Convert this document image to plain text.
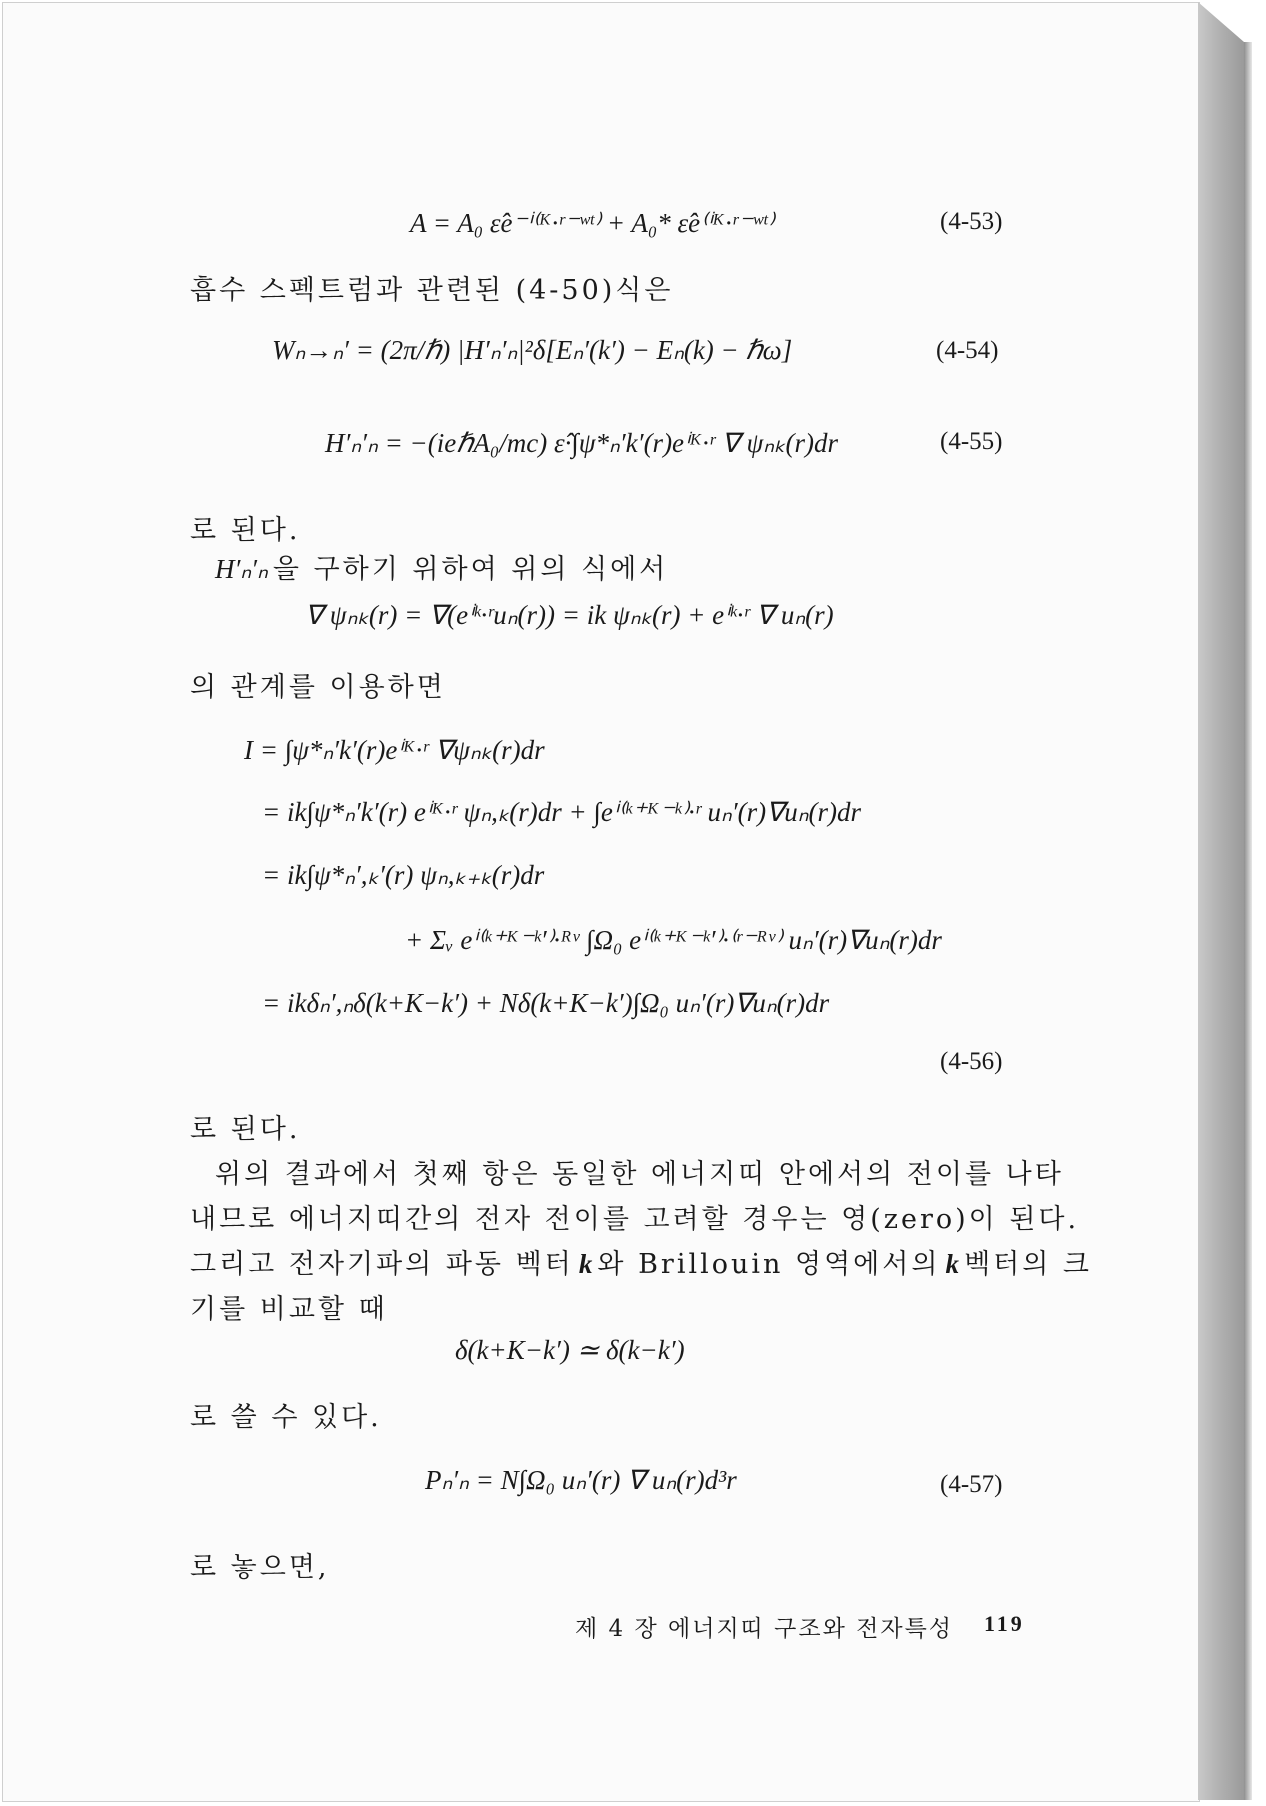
A = A₀ ε̂e⁻ⁱ⁽ᴷ·ʳ⁻ʷᵗ⁾ + A₀* ε̂e⁽ⁱᴷ·ʳ⁻ʷᵗ⁾	(4-53)
흡수 스펙트럼과 관련된 (4-50)식은
Wₙ→ₙ′ = (2π/ℏ) |H′ₙ′ₙ|²δ[Eₙ′(k′) − Eₙ(k) − ℏω]	(4-54)
H′ₙ′ₙ = −(ieℏA₀/mc) ε̂·∫ψ*ₙ′k′(r)eⁱᴷ·ʳ ∇ ψₙₖ(r)dr	(4-55)
로 된다.
H′ₙ′ₙ 을 구하기 위하여 위의 식에서
∇ ψₙₖ(r) = ∇(eⁱᵏ·ʳuₙ(r)) = ik ψₙₖ(r) + eⁱᵏ·ʳ ∇ uₙ(r)
의 관계를 이용하면
I = ∫ψ*ₙ′k′(r)eⁱᴷ·ʳ ∇ψₙₖ(r)dr
= ik∫ψ*ₙ′k′(r) eⁱᴷ·ʳ ψₙ,ₖ(r)dr + ∫eⁱ⁽ᵏ⁺ᴷ⁻ᵏ⁾·ʳ uₙ′(r)∇uₙ(r)dr
= ik∫ψ*ₙ′,ₖ′(r) ψₙ,ₖ₊ₖ(r)dr
+ Σᵥ eⁱ⁽ᵏ⁺ᴷ⁻ᵏ′⁾·ᴿᵛ ∫Ω₀ eⁱ⁽ᵏ⁺ᴷ⁻ᵏ′⁾·⁽ʳ⁻ᴿᵛ⁾ uₙ′(r)∇uₙ(r)dr
= ikδₙ′,ₙδ(k+K−k′) + Nδ(k+K−k′)∫Ω₀ uₙ′(r)∇uₙ(r)dr
(4-56)
로 된다.
위의 결과에서 첫째 항은 동일한 에너지띠 안에서의 전이를 나타
내므로 에너지띠간의 전자 전이를 고려할 경우는 영(zero)이 된다.
그리고 전자기파의 파동 벡터 k 와 Brillouin 영역에서의 k 벡터의 크
기를 비교할 때
δ(k+K−k′) ≃ δ(k−k′)
로 쓸 수 있다.
Pₙ′ₙ = N∫Ω₀ uₙ′(r) ∇ uₙ(r)d³r	(4-57)
로 놓으면,
제 4 장 에너지띠 구조와 전자특성 119
